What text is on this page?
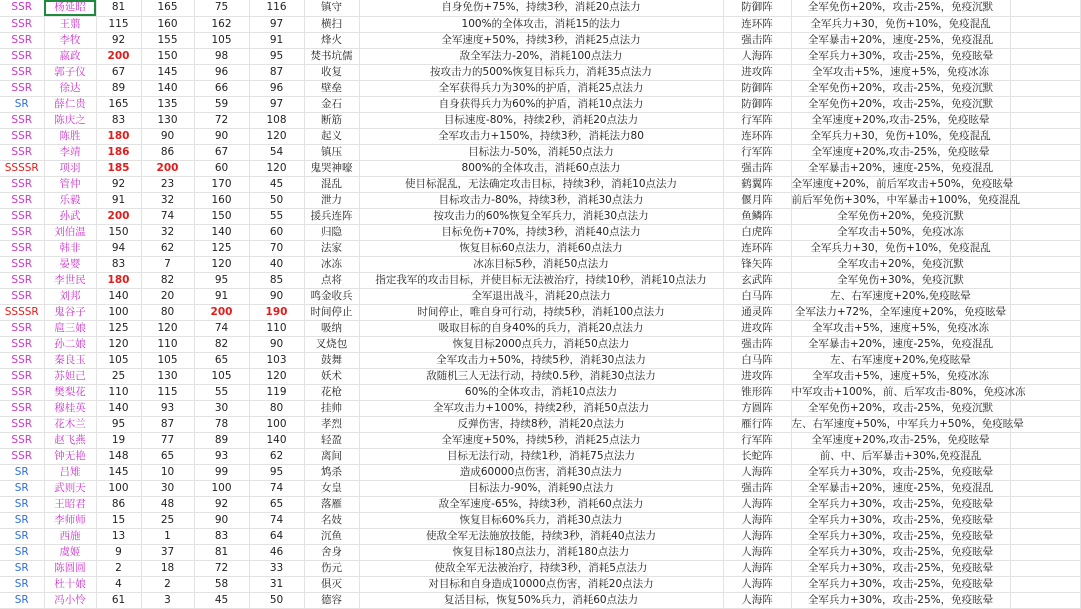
SSR	杨延昭	81	165	75	116	镇守	自身免伤+75%，持续3秒，消耗20点法力	防御阵	全军免伤+20%，攻击-25%，免疫沉默	
SSR	王翦	115	160	162	97	横扫	100%的全体攻击，消耗15的法力	连环阵	全军兵力+30，免伤+10%，免疫混乱	
SSR	李牧	92	155	105	91	烽火	全军速度+50%，持续3秒，消耗25点法力	强击阵	全军暴击+20%，速度-25%，免疫混乱	
SSR	嬴政	200	150	98	95	焚书坑儒	敌全军法力-20%，消耗100点法力	人海阵	全军兵力+30%，攻击-25%，免疫眩晕	
SSR	郭子仪	67	145	96	87	收复	按攻击力的500%恢复目标兵力，消耗35点法力	进攻阵	全军攻击+5%，速度+5%，免疫冰冻	
SSR	徐达	89	140	66	96	壁垒	全军获得兵力为30%的护盾，消耗25点法力	防御阵	全军免伤+20%，攻击-25%，免疫沉默	
SR	薛仁贵	165	135	59	97	金石	自身获得兵力为60%的护盾，消耗10点法力	防御阵	全军免伤+20%，攻击-25%，免疫沉默	
SSR	陈庆之	83	130	72	108	断筋	目标速度-80%，持续2秒，消耗20点法力	行军阵	全军速度+20%,攻击-25%，免疫眩晕	
SSR	陈胜	180	90	90	120	起义	全军攻击力+150%，持续3秒，消耗法力80	连环阵	全军兵力+30，免伤+10%，免疫混乱	
SSR	李靖	186	86	67	54	镇压	目标法力-50%，消耗50点法力	行军阵	全军速度+20%,攻击-25%，免疫眩晕	
SSSSR	项羽	185	200	60	120	鬼哭神嚎	800%的全体攻击，消耗60点法力	强击阵	全军暴击+20%，速度-25%，免疫混乱	
SSR	管仲	92	23	170	45	混乱	使目标混乱，无法确定攻击目标，持续3秒，消耗10点法力	鹤翼阵	全军速度+20%，前后军攻击+50%，免疫眩晕	
SSR	乐毅	91	32	160	50	泄力	目标攻击力-80%，持续3秒，消耗30点法力	偃月阵	前后军免伤+30%，中军暴击+100%，免疫混乱	
SSR	孙武	200	74	150	55	援兵连阵	按攻击力的60%恢复全军兵力，消耗30点法力	鱼鳞阵	全军免伤+20%，免疫沉默	
SSR	刘伯温	150	32	140	60	归隐	目标免伤+70%，持续3秒，消耗40点法力	白虎阵	全军攻击+50%，免疫冰冻	
SSR	韩非	94	62	125	70	法家	恢复目标60点法力，消耗60点法力	连环阵	全军兵力+30，免伤+10%，免疫混乱	
SSR	晏婴	83	7	120	40	冰冻	冰冻目标5秒，消耗50点法力	锋矢阵	全军攻击+20%，免疫沉默	
SSR	李世民	180	82	95	85	点将	指定我军的攻击目标，并使目标无法被治疗，持续10秒，消耗10点法力	玄武阵	全军免伤+30%，免疫沉默	
SSR	刘邦	140	20	91	90	鸣金收兵	全军退出战斗，消耗20点法力	白马阵	左、右军速度+20%,免疫眩晕	
SSSSR	鬼谷子	100	80	200	190	时间停止	时间停止，唯自身可行动，持续5秒，消耗100点法力	通灵阵	全军法力+72%，全军速度+20%，免疫眩晕	
SSR	扈三娘	125	120	74	110	吸纳	吸取目标的自身40%的兵力，消耗20点法力	进攻阵	全军攻击+5%，速度+5%，免疫冰冻	
SSR	孙二娘	120	110	82	90	叉烧包	恢复目标2000点兵力，消耗50点法力	强击阵	全军暴击+20%，速度-25%，免疫混乱	
SSR	秦良玉	105	105	65	103	鼓舞	全军攻击力+50%，持续5秒，消耗30点法力	白马阵	左、右军速度+20%,免疫眩晕	
SSR	苏妲己	25	130	105	120	妖术	敌随机三人无法行动，持续0.5秒，消耗30点法力	进攻阵	全军攻击+5%，速度+5%，免疫冰冻	
SSR	樊梨花	110	115	55	119	花枪	60%的全体攻击，消耗10点法力	锥形阵	中军攻击+100%，前、后军攻击-80%，免疫冰冻	
SSR	穆桂英	140	93	30	80	挂帅	全军攻击力+100%，持续2秒，消耗50点法力	方圆阵	全军免伤+20%，攻击-25%，免疫沉默	
SSR	花木兰	95	87	78	100	孝烈	反弹伤害，持续8秒，消耗20点法力	雁行阵	左、右军速度+50%，中军兵力+50%，免疫眩晕	
SSR	赵飞燕	19	77	89	140	轻盈	全军速度+50%，持续5秒，消耗25点法力	行军阵	全军速度+20%,攻击-25%，免疫眩晕	
SSR	钟无艳	148	65	93	62	离间	目标无法行动，持续1秒，消耗75点法力	长蛇阵	前、中、后军暴击+30%,免疫混乱	
SR	吕雉	145	10	99	95	鸩杀	造成60000点伤害，消耗30点法力	人海阵	全军兵力+30%，攻击-25%，免疫眩晕	
SR	武则天	100	30	100	74	女皇	目标法力-90%，消耗90点法力	强击阵	全军暴击+20%，速度-25%，免疫混乱	
SR	王昭君	86	48	92	65	落雁	敌全军速度-65%，持续3秒，消耗60点法力	人海阵	全军兵力+30%，攻击-25%，免疫眩晕	
SR	李师师	15	25	90	74	名妓	恢复目标60%兵力，消耗30点法力	人海阵	全军兵力+30%，攻击-25%，免疫眩晕	
SR	西施	13	1	83	64	沉鱼	使敌全军无法施放技能，持续3秒，消耗40点法力	人海阵	全军兵力+30%，攻击-25%，免疫眩晕	
SR	虞姬	9	37	81	46	舍身	恢复目标180点法力，消耗180点法力	人海阵	全军兵力+30%，攻击-25%，免疫眩晕	
SR	陈圆圆	2	18	72	33	伤元	使敌全军无法被治疗，持续3秒，消耗5点法力	人海阵	全军兵力+30%，攻击-25%，免疫眩晕	
SR	杜十娘	4	2	58	31	俱灭	对目标和自身造成10000点伤害，消耗20点法力	人海阵	全军兵力+30%，攻击-25%，免疫眩晕	
SR	冯小怜	61	3	45	50	德容	复活目标，恢复50%兵力，消耗60点法力	人海阵	全军兵力+30%，攻击-25%，免疫眩晕	
